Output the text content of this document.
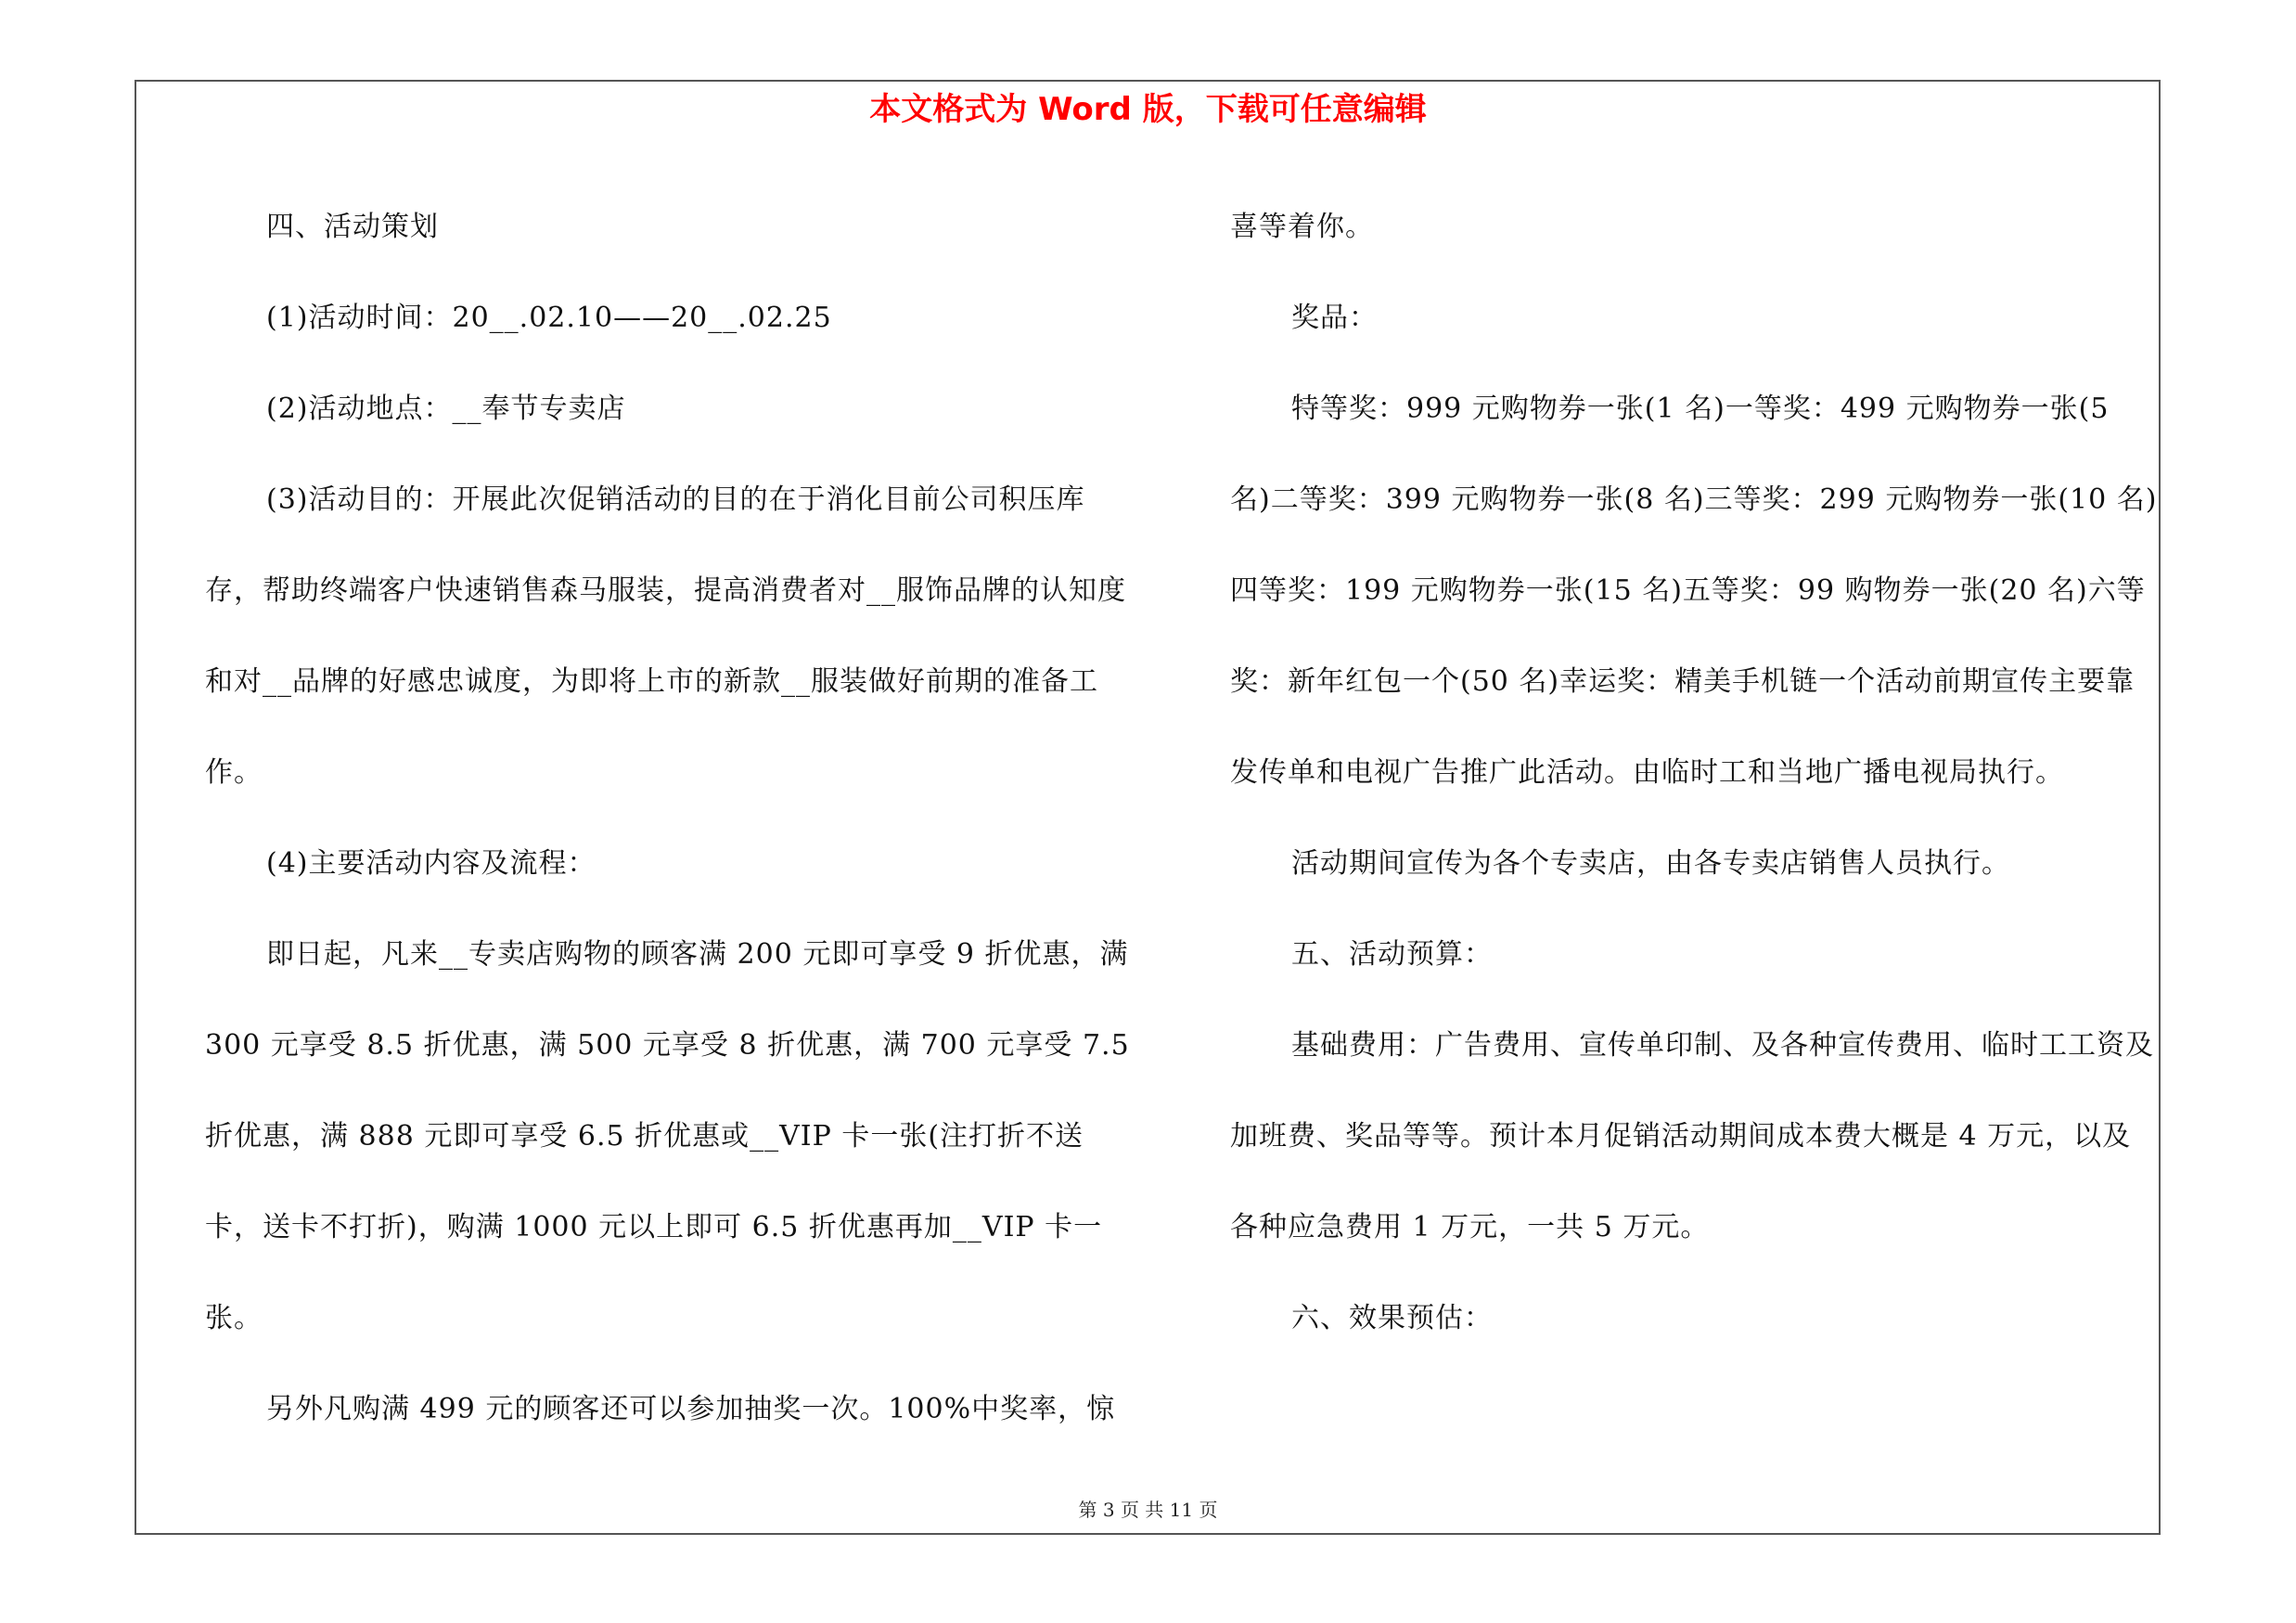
本文格式为 Word 版，下载可任意编辑

四、活动策划

(1)活动时间：20__.02.10——20__.02.25

(2)活动地点：__奉节专卖店

(3)活动目的：开展此次促销活动的目的在于消化目前公司积压库存，帮助终端客户快速销售森马服装，提高消费者对__服饰品牌的认知度和对__品牌的好感忠诚度，为即将上市的新款__服装做好前期的准备工作。

(4)主要活动内容及流程：

即日起，凡来__专卖店购物的顾客满 200 元即可享受 9 折优惠，满 300 元享受 8.5 折优惠，满 500 元享受 8 折优惠，满 700 元享受 7.5 折优惠，满 888 元即可享受 6.5 折优惠或__VIP 卡一张(注打折不送卡，送卡不打折)，购满 1000 元以上即可 6.5 折优惠再加__VIP 卡一张。

另外凡购满 499 元的顾客还可以参加抽奖一次。100%中奖率，惊

喜等着你。

奖品：

特等奖：999 元购物券一张(1 名)一等奖：499 元购物券一张(5 名)二等奖：399 元购物券一张(8 名)三等奖：299 元购物券一张(10 名)四等奖：199 元购物券一张(15 名)五等奖：99 购物券一张(20 名)六等奖：新年红包一个(50 名)幸运奖：精美手机链一个活动前期宣传主要靠发传单和电视广告推广此活动。由临时工和当地广播电视局执行。

活动期间宣传为各个专卖店，由各专卖店销售人员执行。

五、活动预算：

基础费用：广告费用、宣传单印制、及各种宣传费用、临时工工资及加班费、奖品等等。预计本月促销活动期间成本费大概是 4 万元，以及各种应急费用 1 万元，一共 5 万元。

六、效果预估：

第 3 页 共 11 页
